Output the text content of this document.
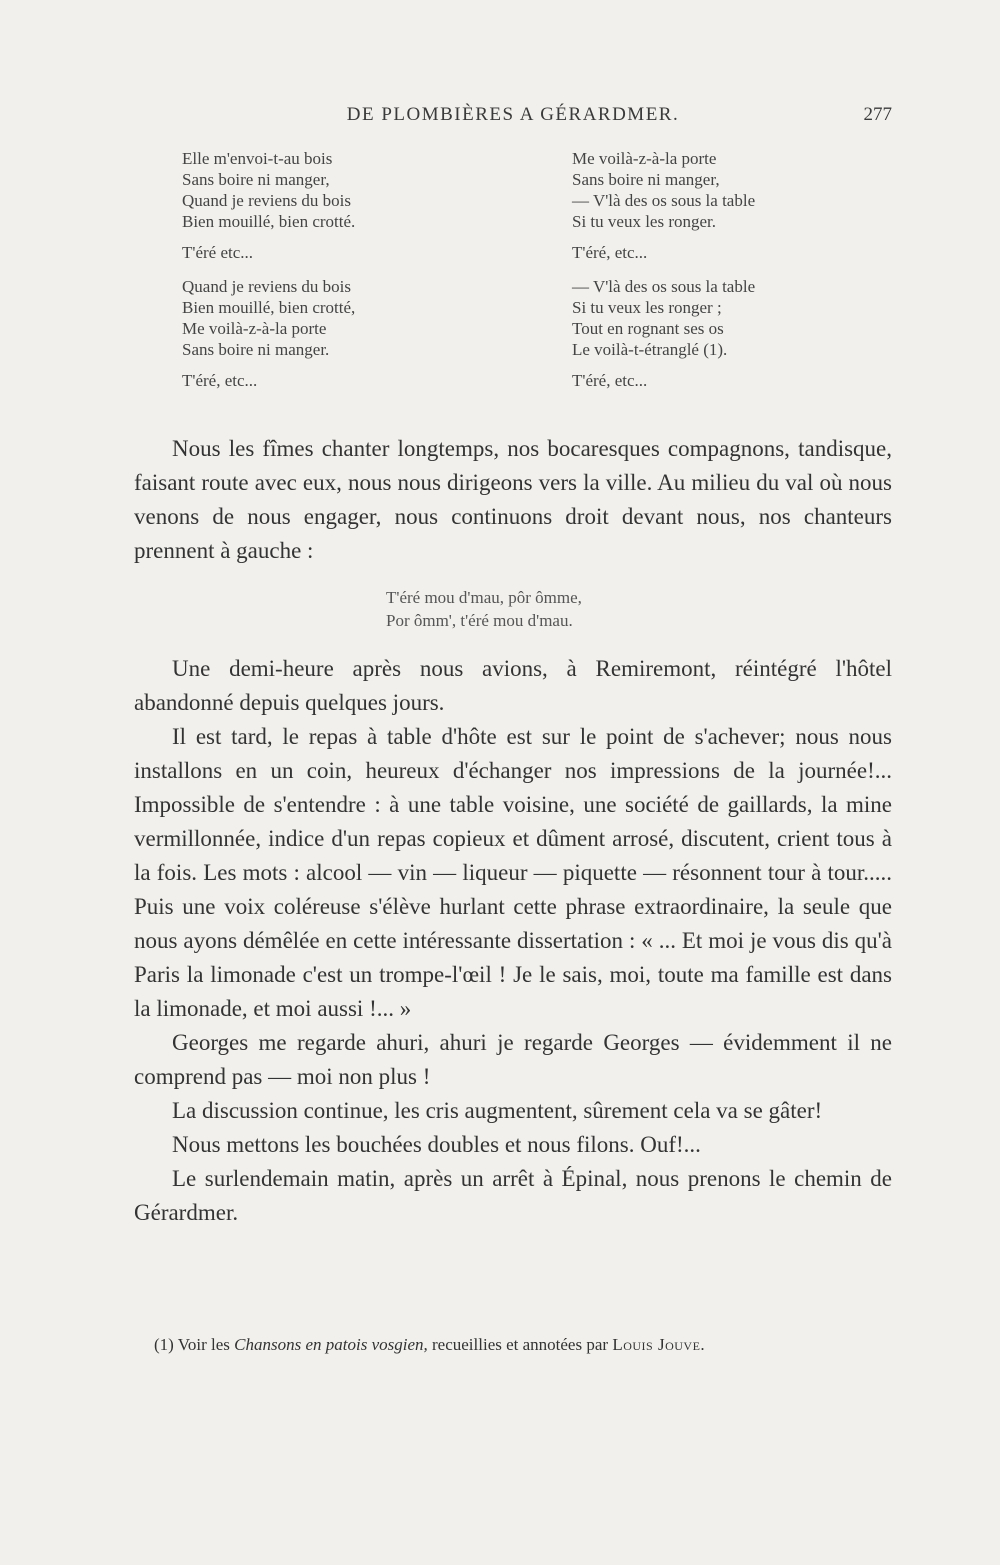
DE PLOMBIÈRES A GÉRARDMER.	277
Elle m'envoi-t-au bois
Sans boire ni manger,
Quand je reviens du bois
Bien mouillé, bien crotté.
T'éré etc...
Quand je reviens du bois
Bien mouillé, bien crotté,
Me voilà-z-à-la porte
Sans boire ni manger.
T'éré, etc...
Me voilà-z-à-la porte
Sans boire ni manger,
— V'là des os sous la table
Si tu veux les ronger.
T'éré, etc...
— V'là des os sous la table
Si tu veux les ronger ;
Tout en rognant ses os
Le voilà-t-étranglé (1).
T'éré, etc...

Nous les fîmes chanter longtemps, nos bocaresques compagnons, tandisque, faisant route avec eux, nous nous dirigeons vers la ville. Au milieu du val où nous venons de nous engager, nous continuons droit devant nous, nos chanteurs prennent à gauche :

T'éré mou d'mau, pôr ômme,
Por ômm', t'éré mou d'mau.

Une demi-heure après nous avions, à Remiremont, réintégré l'hôtel abandonné depuis quelques jours.

Il est tard, le repas à table d'hôte est sur le point de s'achever; nous nous installons en un coin, heureux d'échanger nos impressions de la journée!... Impossible de s'entendre : à une table voisine, une société de gaillards, la mine vermillonnée, indice d'un repas copieux et dûment arrosé, discutent, crient tous à la fois. Les mots : alcool — vin — liqueur — piquette — résonnent tour à tour..... Puis une voix coléreuse s'élève hurlant cette phrase extraordinaire, la seule que nous ayons démêlée en cette intéressante dissertation : « ... Et moi je vous dis qu'à Paris la limonade c'est un trompe-l'œil ! Je le sais, moi, toute ma famille est dans la limonade, et moi aussi !... »

Georges me regarde ahuri, ahuri je regarde Georges — évidemment il ne comprend pas — moi non plus !

La discussion continue, les cris augmentent, sûrement cela va se gâter!

Nous mettons les bouchées doubles et nous filons. Ouf!...

Le surlendemain matin, après un arrêt à Épinal, nous prenons le chemin de Gérardmer.

(1) Voir les Chansons en patois vosgien, recueillies et annotées par Louis Jouve.
